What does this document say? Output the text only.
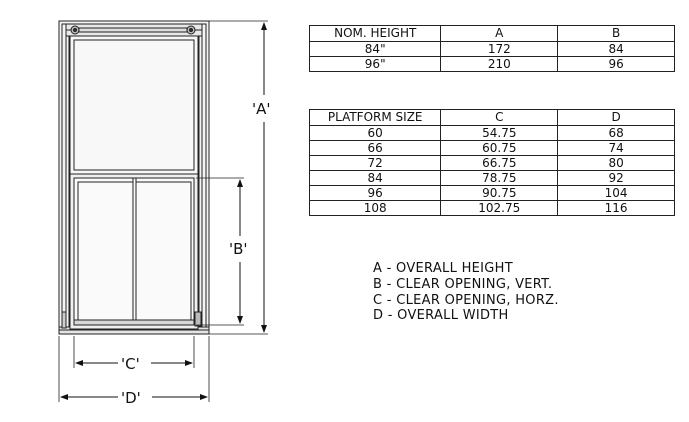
'A'
'B'
'C'
'D'
NOM. HEIGHT	A	B
84"	172	84
96"	210	96
PLATFORM SIZE	C	D
60	54.75	68
66	60.75	74
72	66.75	80
84	78.75	92
96	90.75	104
108	102.75	116
A - OVERALL HEIGHT
B - CLEAR OPENING, VERT.
C - CLEAR OPENING, HORZ.
D - OVERALL WIDTH
